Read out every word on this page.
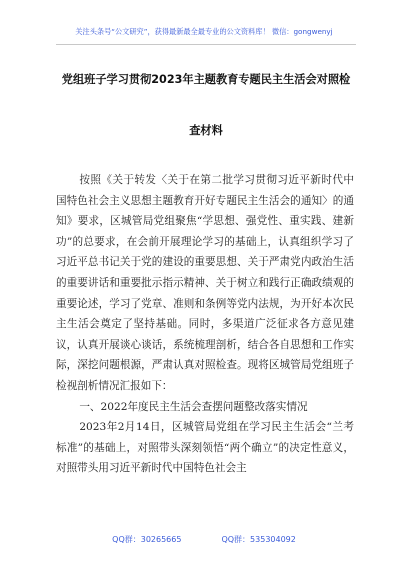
关注头条号“公文研究”，获得最新最全最专业的公文资料库！ 微信：gongwenyj
党组班子学习贯彻2023年主题教育专题民主生活会对照检
查材料

按照《关于转发〈关于在第二批学习贯彻习近平新时代中国特色社会主义思想主题教育开好专题民主生活会的通知〉的通知》要求，区城管局党组聚焦“学思想、强党性、重实践、建新功”的总要求，在会前开展理论学习的基础上，认真组织学习了习近平总书记关于党的建设的重要思想、关于严肃党内政治生活的重要讲话和重要批示指示精神、关于树立和践行正确政绩观的重要论述，学习了党章、准则和条例等党内法规，为开好本次民主生活会奠定了坚持基础。同时，多渠道广泛征求各方意见建议，认真开展谈心谈话，系统梳理剖析，结合各自思想和工作实际，深挖问题根源，严肃认真对照检查。现将区城管局党组班子检视剖析情况汇报如下：

一、2022年度民主生活会查摆问题整改落实情况

2023年2月14日，区城管局党组在学习民主生活会“兰考标准”的基础上，对照带头深刻领悟“两个确立”的决定性意义，对照带头用习近平新时代中国特色社会主

QQ群：30265665	QQ群：535304092
